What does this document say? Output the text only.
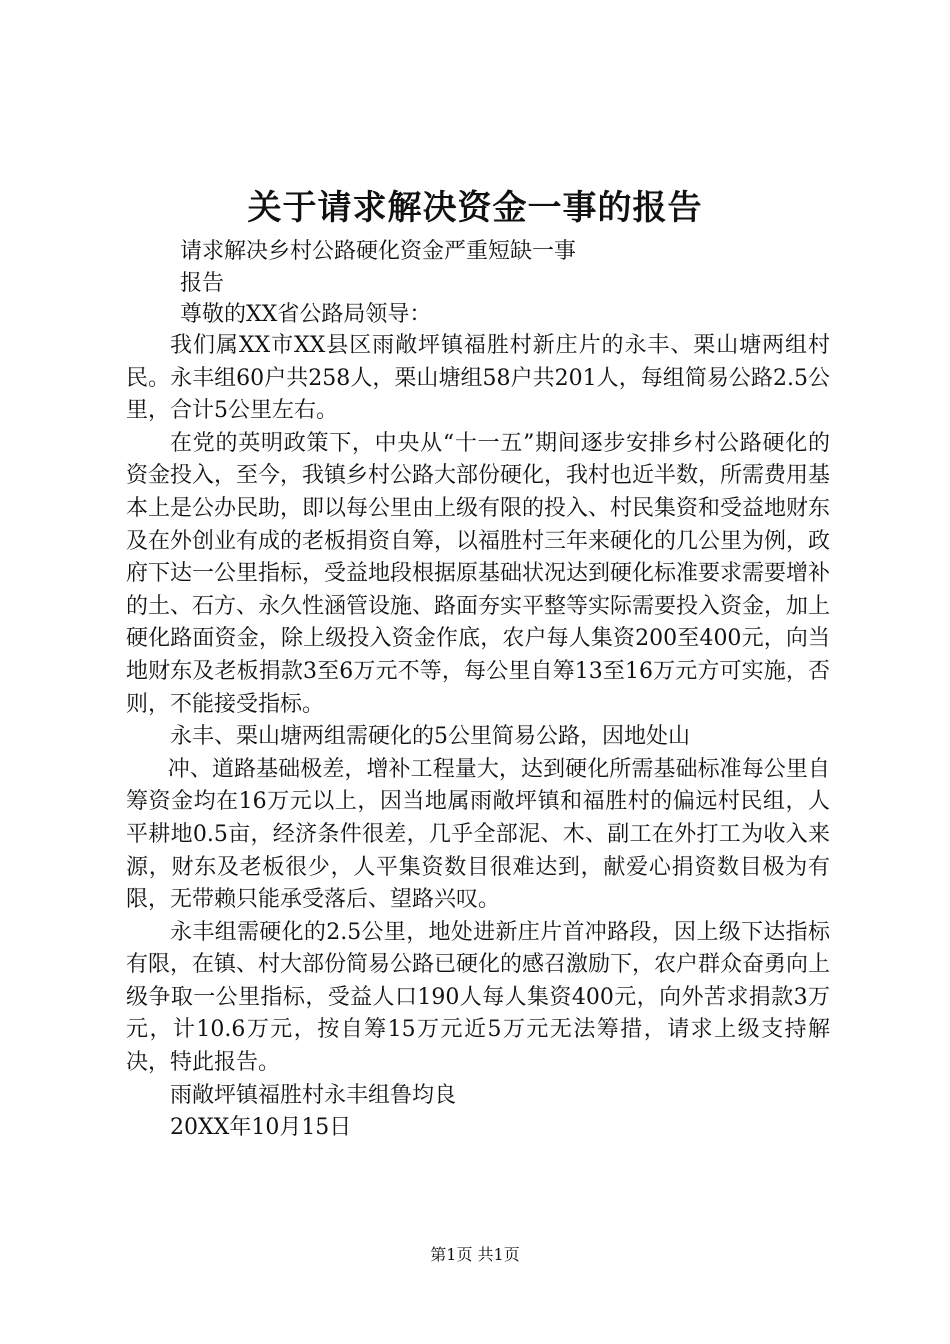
关于请求解决资金一事的报告
请求解决乡村公路硬化资金严重短缺一事
报告
尊敬的XX省公路局领导：

我们属XX市XX县区雨敞坪镇福胜村新庄片的永丰、栗山塘两组村民。永丰组60户共258人，栗山塘组58户共201人，每组简易公路2.5公里，合计5公里左右。

在党的英明政策下，中央从“十一五”期间逐步安排乡村公路硬化的资金投入，至今，我镇乡村公路大部份硬化，我村也近半数，所需费用基本上是公办民助，即以每公里由上级有限的投入、村民集资和受益地财东及在外创业有成的老板捐资自筹，以福胜村三年来硬化的几公里为例，政府下达一公里指标，受益地段根据原基础状况达到硬化标准要求需要增补的土、石方、永久性涵管设施、路面夯实平整等实际需要投入资金，加上硬化路面资金，除上级投入资金作底，农户每人集资200至400元，向当地财东及老板捐款3至6万元不等，每公里自筹13至16万元方可实施，否则，不能接受指标。

永丰、栗山塘两组需硬化的5公里简易公路，因地处山

冲、道路基础极差，增补工程量大，达到硬化所需基础标准每公里自筹资金均在16万元以上，因当地属雨敞坪镇和福胜村的偏远村民组，人平耕地0.5亩，经济条件很差，几乎全部泥、木、副工在外打工为收入来源，财东及老板很少，人平集资数目很难达到，献爱心捐资数目极为有限，无带赖只能承受落后、望路兴叹。

永丰组需硬化的2.5公里，地处进新庄片首冲路段，因上级下达指标有限，在镇、村大部份简易公路已硬化的感召激励下，农户群众奋勇向上级争取一公里指标，受益人口190人每人集资400元，向外苦求捐款3万元，计10.6万元，按自筹15万元近5万元无法筹措，请求上级支持解决，特此报告。

雨敞坪镇福胜村永丰组鲁均良

20XX年10月15日

第1页 共1页
